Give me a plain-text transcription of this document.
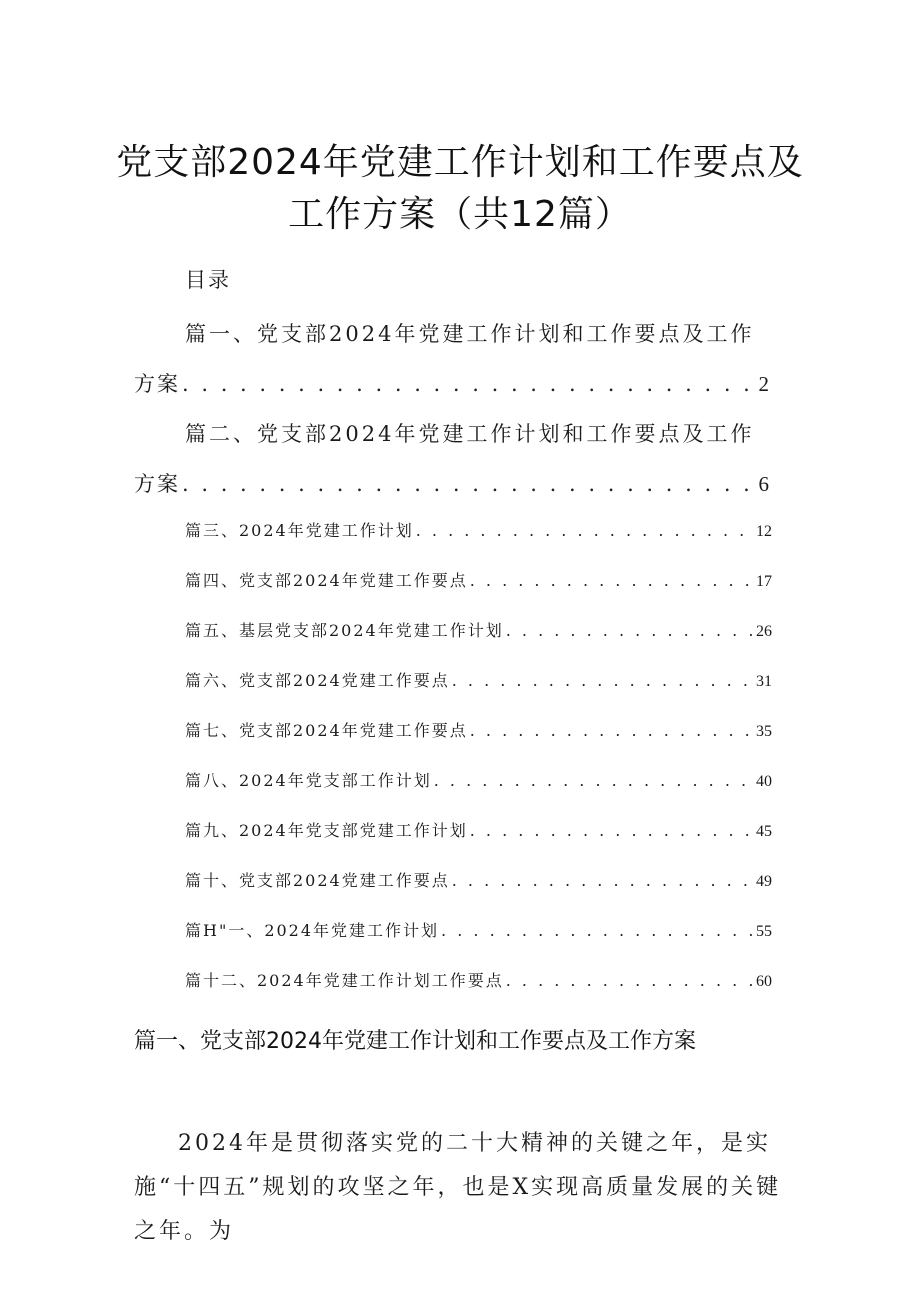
党支部2024年党建工作计划和工作要点及
工作方案（共12篇）
目录
篇一、党支部2024年党建工作计划和工作要点及工作
方案 . . .	2
篇二、党支部2024年党建工作计划和工作要点及工作
方案 . . .	6
篇三、2024年党建工作计划 . . .	12
篇四、党支部2024年党建工作要点 . . .	17
篇五、基层党支部2024年党建工作计划 . . .	26
篇六、党支部2024党建工作要点 . . .	31
篇七、党支部2024年党建工作要点 . . .	35
篇八、2024年党支部工作计划 . . .	40
篇九、2024年党支部党建工作计划 . . .	45
篇十、党支部2024党建工作要点 . . .	49
篇H"一、2024年党建工作计划 . . .	55
篇十二、2024年党建工作计划工作要点 . . .	60
篇一、党支部2024年党建工作计划和工作要点及工作方案
2024年是贯彻落实党的二十大精神的关键之年，是实施“十四五”规划的攻坚之年，也是X实现高质量发展的关键之年。为
